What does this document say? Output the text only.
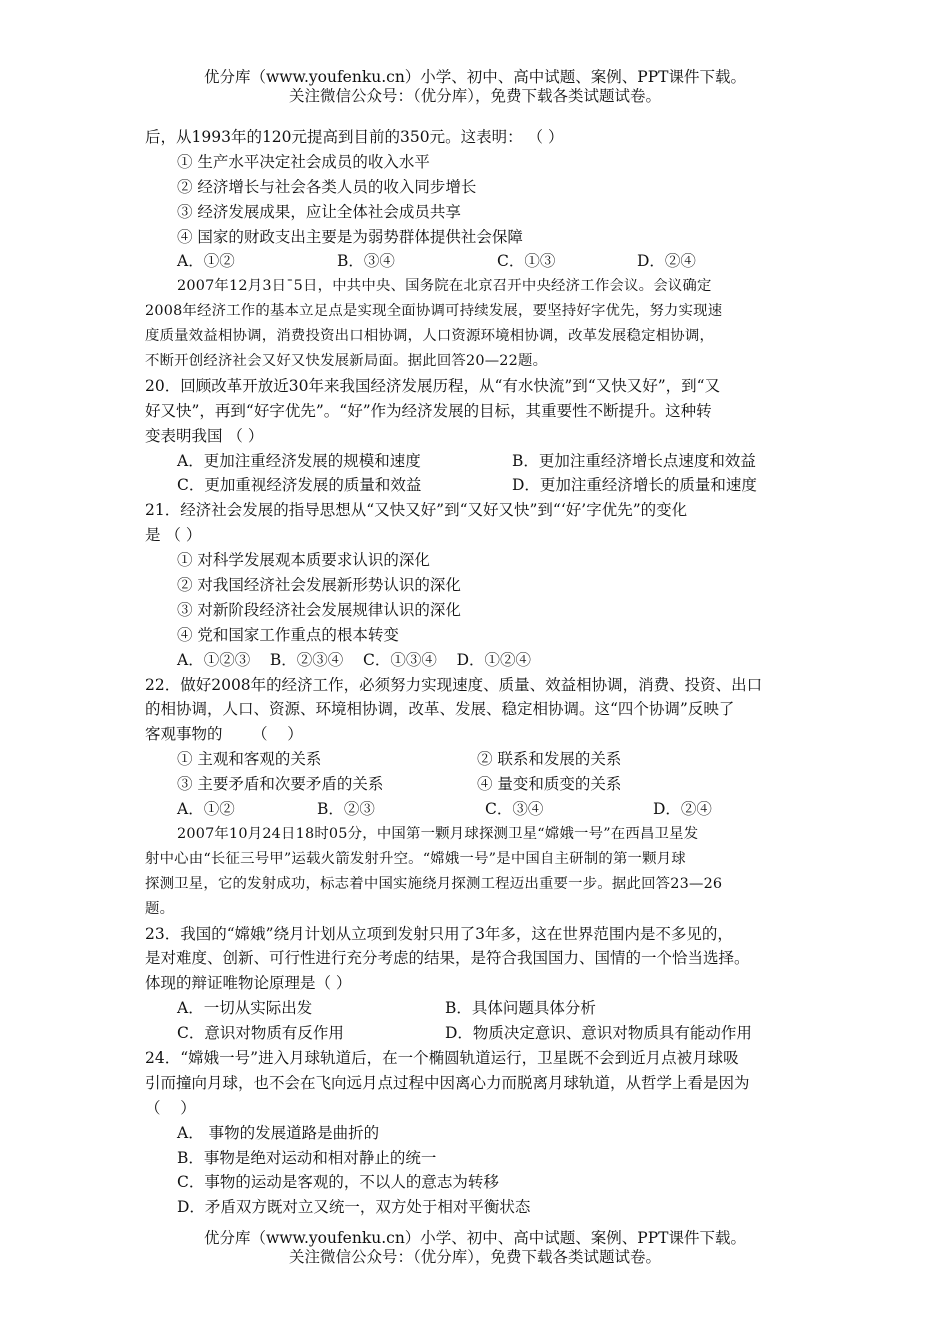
优分库（www.youfenku.cn）小学、初中、高中试题、案例、PPT课件下载。
关注微信公众号：（优分库），免费下载各类试题试卷。
后，从1993年的120元提高到目前的350元。这表明： （ ）
① 生产水平决定社会成员的收入水平
② 经济增长与社会各类人员的收入同步增长
③ 经济发展成果，应让全体社会成员共享
④ 国家的财政支出主要是为弱势群体提供社会保障
A．①②	B．③④	C．①③	D．②④
2007年12月3日¯5日，中共中央、国务院在北京召开中央经济工作会议。会议确定
2008年经济工作的基本立足点是实现全面协调可持续发展，要坚持好字优先，努力实现速
度质量效益相协调，消费投资出口相协调，人口资源环境相协调，改革发展稳定相协调，
不断开创经济社会又好又快发展新局面。据此回答20—22题。
20．回顾改革开放近30年来我国经济发展历程，从“有水快流”到“又快又好”，到“又
好又快”，再到“好字优先”。“好”作为经济发展的目标，其重要性不断提升。这种转
变表明我国 （ ）
A．更加注重经济发展的规模和速度	B．更加注重经济增长点速度和效益
C．更加重视经济发展的质量和效益	D．更加注重经济增长的质量和速度
21．经济社会发展的指导思想从“又快又好”到“又好又快”到“‘好’字优先”的变化
是 （ ）
① 对科学发展观本质要求认识的深化
② 对我国经济社会发展新形势认识的深化
③ 对新阶段经济社会发展规律认识的深化
④ 党和国家工作重点的根本转变
A．①②③    B．②③④    C．①③④    D．①②④
22．做好2008年的经济工作，必须努力实现速度、质量、效益相协调，消费、投资、出口
的相协调，人口、资源、环境相协调，改革、发展、稳定相协调。这“四个协调”反映了
客观事物的      （    ）
① 主观和客观的关系	② 联系和发展的关系
③ 主要矛盾和次要矛盾的关系	④ 量变和质变的关系
A．①②	B．②③	C．③④	D．②④
2007年10月24日18时05分，中国第一颗月球探测卫星“嫦娥一号”在西昌卫星发
射中心由“长征三号甲”运载火箭发射升空。“嫦娥一号”是中国自主研制的第一颗月球
探测卫星，它的发射成功，标志着中国实施绕月探测工程迈出重要一步。据此回答23—26
题。
23．我国的“嫦娥”绕月计划从立项到发射只用了3年多，这在世界范围内是不多见的，
是对难度、创新、可行性进行充分考虑的结果，是符合我国国力、国情的一个恰当选择。
体现的辩证唯物论原理是（ ）
A．一切从实际出发	B．具体问题具体分析
C．意识对物质有反作用	D．物质决定意识、意识对物质具有能动作用
24．“嫦娥一号”进入月球轨道后，在一个椭圆轨道运行，卫星既不会到近月点被月球吸
引而撞向月球，也不会在飞向远月点过程中因离心力而脱离月球轨道，从哲学上看是因为
（    ）
A． 事物的发展道路是曲折的
B．事物是绝对运动和相对静止的统一
C．事物的运动是客观的，不以人的意志为转移
D．矛盾双方既对立又统一，双方处于相对平衡状态
优分库（www.youfenku.cn）小学、初中、高中试题、案例、PPT课件下载。
关注微信公众号：（优分库），免费下载各类试题试卷。
